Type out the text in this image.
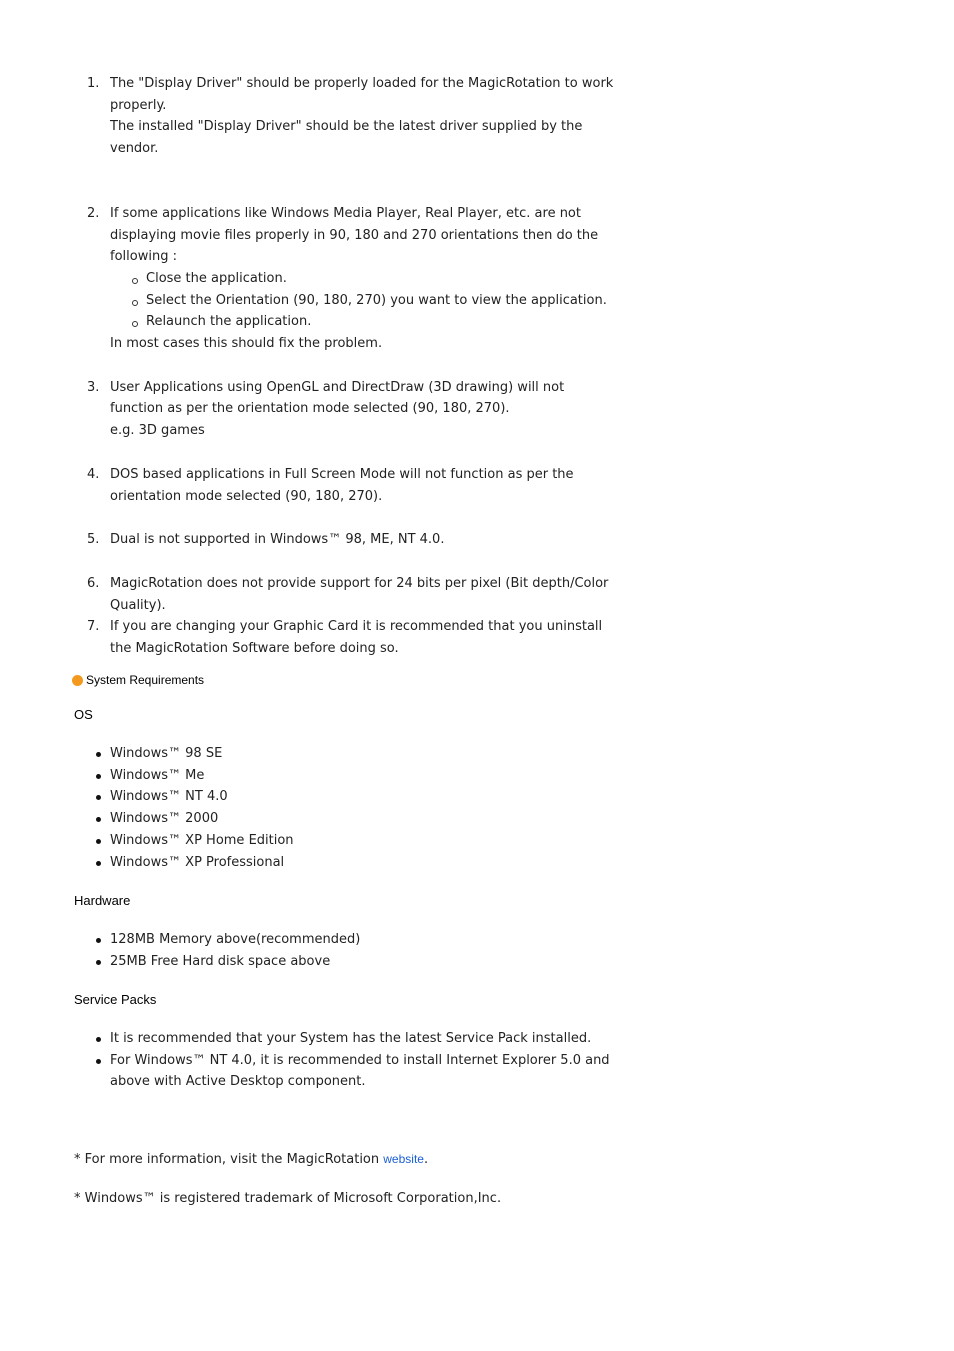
1. The "Display Driver" should be properly loaded for the MagicRotation to work properly.
The installed "Display Driver" should be the latest driver supplied by the vendor.
2. If some applications like Windows Media Player, Real Player, etc. are not displaying movie files properly in 90, 180 and 270 orientations then do the following :
Close the application.
Select the Orientation (90, 180, 270) you want to view the application.
Relaunch the application.
In most cases this should fix the problem.
3. User Applications using OpenGL and DirectDraw (3D drawing) will not function as per the orientation mode selected (90, 180, 270).
e.g. 3D games
4. DOS based applications in Full Screen Mode will not function as per the orientation mode selected (90, 180, 270).
5. Dual is not supported in Windows™ 98, ME, NT 4.0.
6. MagicRotation does not provide support for 24 bits per pixel (Bit depth/Color Quality).
7. If you are changing your Graphic Card it is recommended that you uninstall the MagicRotation Software before doing so.
System Requirements
OS
Windows™ 98 SE
Windows™ Me
Windows™ NT 4.0
Windows™ 2000
Windows™ XP Home Edition
Windows™ XP Professional
Hardware
128MB Memory above(recommended)
25MB Free Hard disk space above
Service Packs
It is recommended that your System has the latest Service Pack installed.
For Windows™ NT 4.0, it is recommended to install Internet Explorer 5.0 and above with Active Desktop component.
* For more information, visit the MagicRotation website.
* Windows™ is registered trademark of Microsoft Corporation,Inc.
